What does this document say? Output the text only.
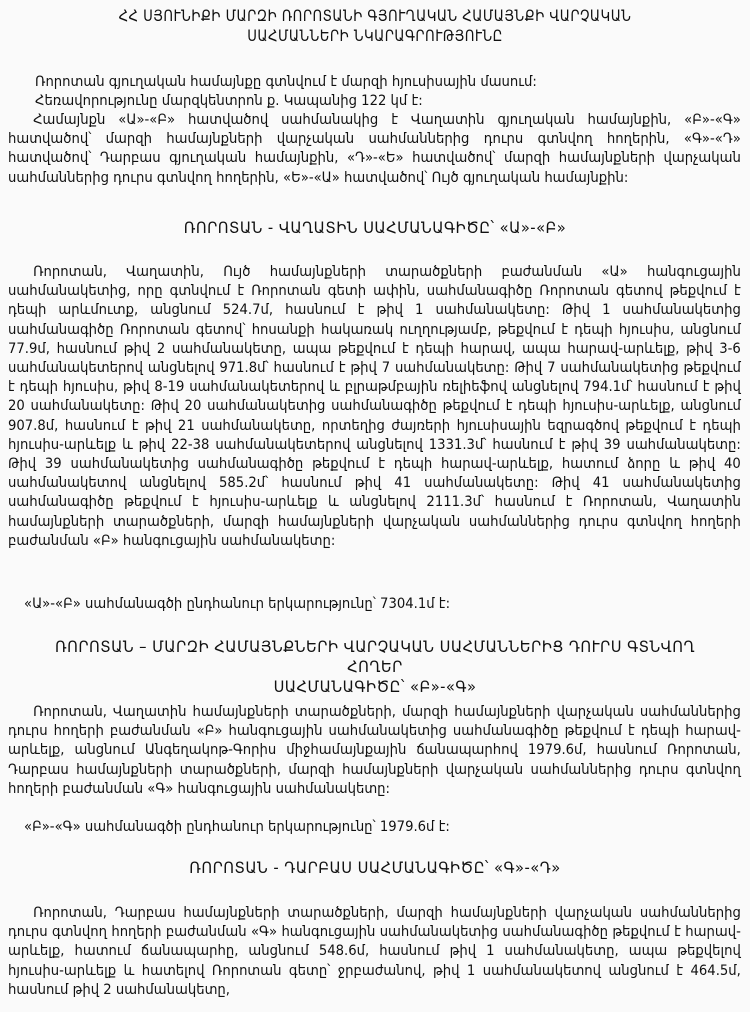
ՀՀ ՍՅՈՒՆԻՔԻ ՄԱՐԶԻ ՌՈՐՈՏԱՆԻ ԳՅՈՒՂԱԿԱՆ ՀԱՄԱՅՆՔԻ ՎԱՐՉԱԿԱՆ
ՍԱՀՄԱՆՆԵՐԻ ՆԿԱՐԱԳՐՈՒԹՅՈՒՆԸ
Ռորոտան գյուղական համայնքը գտնվում է մարզի հյուսիսային մասում:
Հեռավորությունը մարզկենտրոն ք. Կապանից 122 կմ է:
Համայնքն «Ա»-«Բ» հատվածով սահմանակից է Վաղատին գյուղական համայնքին, «Բ»-«Գ» հատվածով՝ մարզի համայնքների վարչական սահմաններից դուրս գտնվող հողերին, «Գ»-«Դ» հատվածով՝ Դարբաս գյուղական համայնքին, «Դ»-«Ե» հատվածով՝ մարզի համայնքների վարչական սահմաններից դուրս գտնվող հողերին, «Ե»-«Ա» հատվածով՝ Ույծ գյուղական համայնքին:
ՌՈՐՈՏԱՆ - ՎԱՂԱՏԻՆ ՍԱՀՄԱՆԱԳԻԾԸ՝ «Ա»-«Բ»
Ռորոտան, Վաղատին, Ույծ համայնքների տարածքների բաժանման «Ա» հանգուցային սահմանակետից, որը գտնվում է Ռորոտան գետի ափին, սահմանագիծը Ռորոտան գետով թեքվում է դեպի արևմուտք, անցնում 524.7մ, հասնում է թիվ 1 սահմանակետը: Թիվ 1 սահմանակետից սահմանագիծը Ռորոտան գետով՝ հոսանքի հակառակ ուղղությամբ, թեքվում է դեպի հյուսիս, անցնում 77.9մ, հասնում թիվ 2 սահմանակետը, ապա թեքվում է դեպի հարավ, ապա հարավ-արևելք, թիվ 3-6 սահմանակետերով անցնելով 971.8մ՝ հասնում է թիվ 7 սահմանակետը: Թիվ 7 սահմանակետից թեքվում է դեպի հյուսիս, թիվ 8-19 սահմանակետերով և բլրաթմբային ռելիեֆով անցնելով 794.1մ՝ հասնում է թիվ 20 սահմանակետը: Թիվ 20 սահմանակետից սահմանագիծը թեքվում է դեպի հյուսիս-արևելք, անցնում 907.8մ, հասնում է թիվ 21 սահմանակետը, որտեղից ժայռերի հյուսիսային եզրագծով թեքվում է դեպի հյուսիս-արևելք և թիվ 22-38 սահմանակետերով անցնելով 1331.3մ՝ հասնում է թիվ 39 սահմանակետը: Թիվ 39 սահմանակետից սահմանագիծը թեքվում է դեպի հարավ-արևելք, հատում ձորը և թիվ 40 սահմանակետով անցնելով 585.2մ՝ հասնում թիվ 41 սահմանակետը: Թիվ 41 սահմանակետից սահմանագիծը թեքվում է հյուսիս-արևելք և անցնելով 2111.3մ՝ հասնում է Ռորոտան, Վաղատին համայնքների տարածքների, մարզի համայնքների վարչական սահմաններից դուրս գտնվող հողերի բաժանման «Բ» հանգուցային սահմանակետը:
«Ա»-«Բ» սահմանագծի ընդհանուր երկարությունը՝ 7304.1մ է:
ՌՈՐՈՏԱՆ – ՄԱՐԶԻ ՀԱՄԱՅՆՔՆԵՐԻ ՎԱՐՉԱԿԱՆ ՍԱՀՄԱՆՆԵՐԻՑ ԴՈՒՐՍ ԳՏՆՎՈՂ ՀՈՂԵՐ
ՍԱՀՄԱՆԱԳԻԾԸ՝ «Բ»-«Գ»
Ռորոտան, Վաղատին համայնքների տարածքների, մարզի համայնքների վարչական սահմաններից դուրս հողերի բաժանման «Բ» հանգուցային սահմանակետից սահմանագիծը թեքվում է դեպի հարավ-արևելք, անցնում Անգեղակոթ-Գորիս միջհամայնքային ճանապարհով 1979.6մ, հասնում Ռորոտան, Դարբաս համայնքների տարածքների, մարզի համայնքների վարչական սահմաններից դուրս գտնվող հողերի բաժանման «Գ» հանգուցային սահմանակետը:
«Բ»-«Գ» սահմանագծի ընդհանուր երկարությունը՝ 1979.6մ է:
ՌՈՐՈՏԱՆ - ԴԱՐԲԱՍ ՍԱՀՄԱՆԱԳԻԾԸ՝ «Գ»-«Դ»
Ռորոտան, Դարբաս համայնքների տարածքների, մարզի համայնքների վարչական սահմաններից դուրս գտնվող հողերի բաժանման «Գ» հանգուցային սահմանակետից սահմանագիծը թեքվում է հարավ-արևելք, հատում ճանապարհը, անցնում 548.6մ, հասնում թիվ 1 սահմանակետը, ապա թեքվելով հյուսիս-արևելք և հատելով Ռորոտան գետը՝ ջրբաժանով, թիվ 1 սահմանակետով անցնում է 464.5մ, հասնում թիվ 2 սահմանակետը,
